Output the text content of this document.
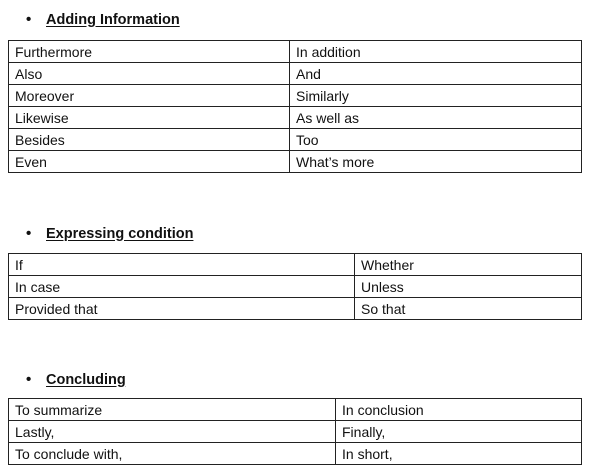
•	Adding Information
Furthermore	In addition
Also	And
Moreover	Similarly
Likewise	As well as
Besides	Too
Even	What’s more
•	Expressing condition
If	Whether
In case	Unless
Provided that	So that
•	Concluding
To summarize	In conclusion
Lastly,	Finally,
To conclude with,	In short,
